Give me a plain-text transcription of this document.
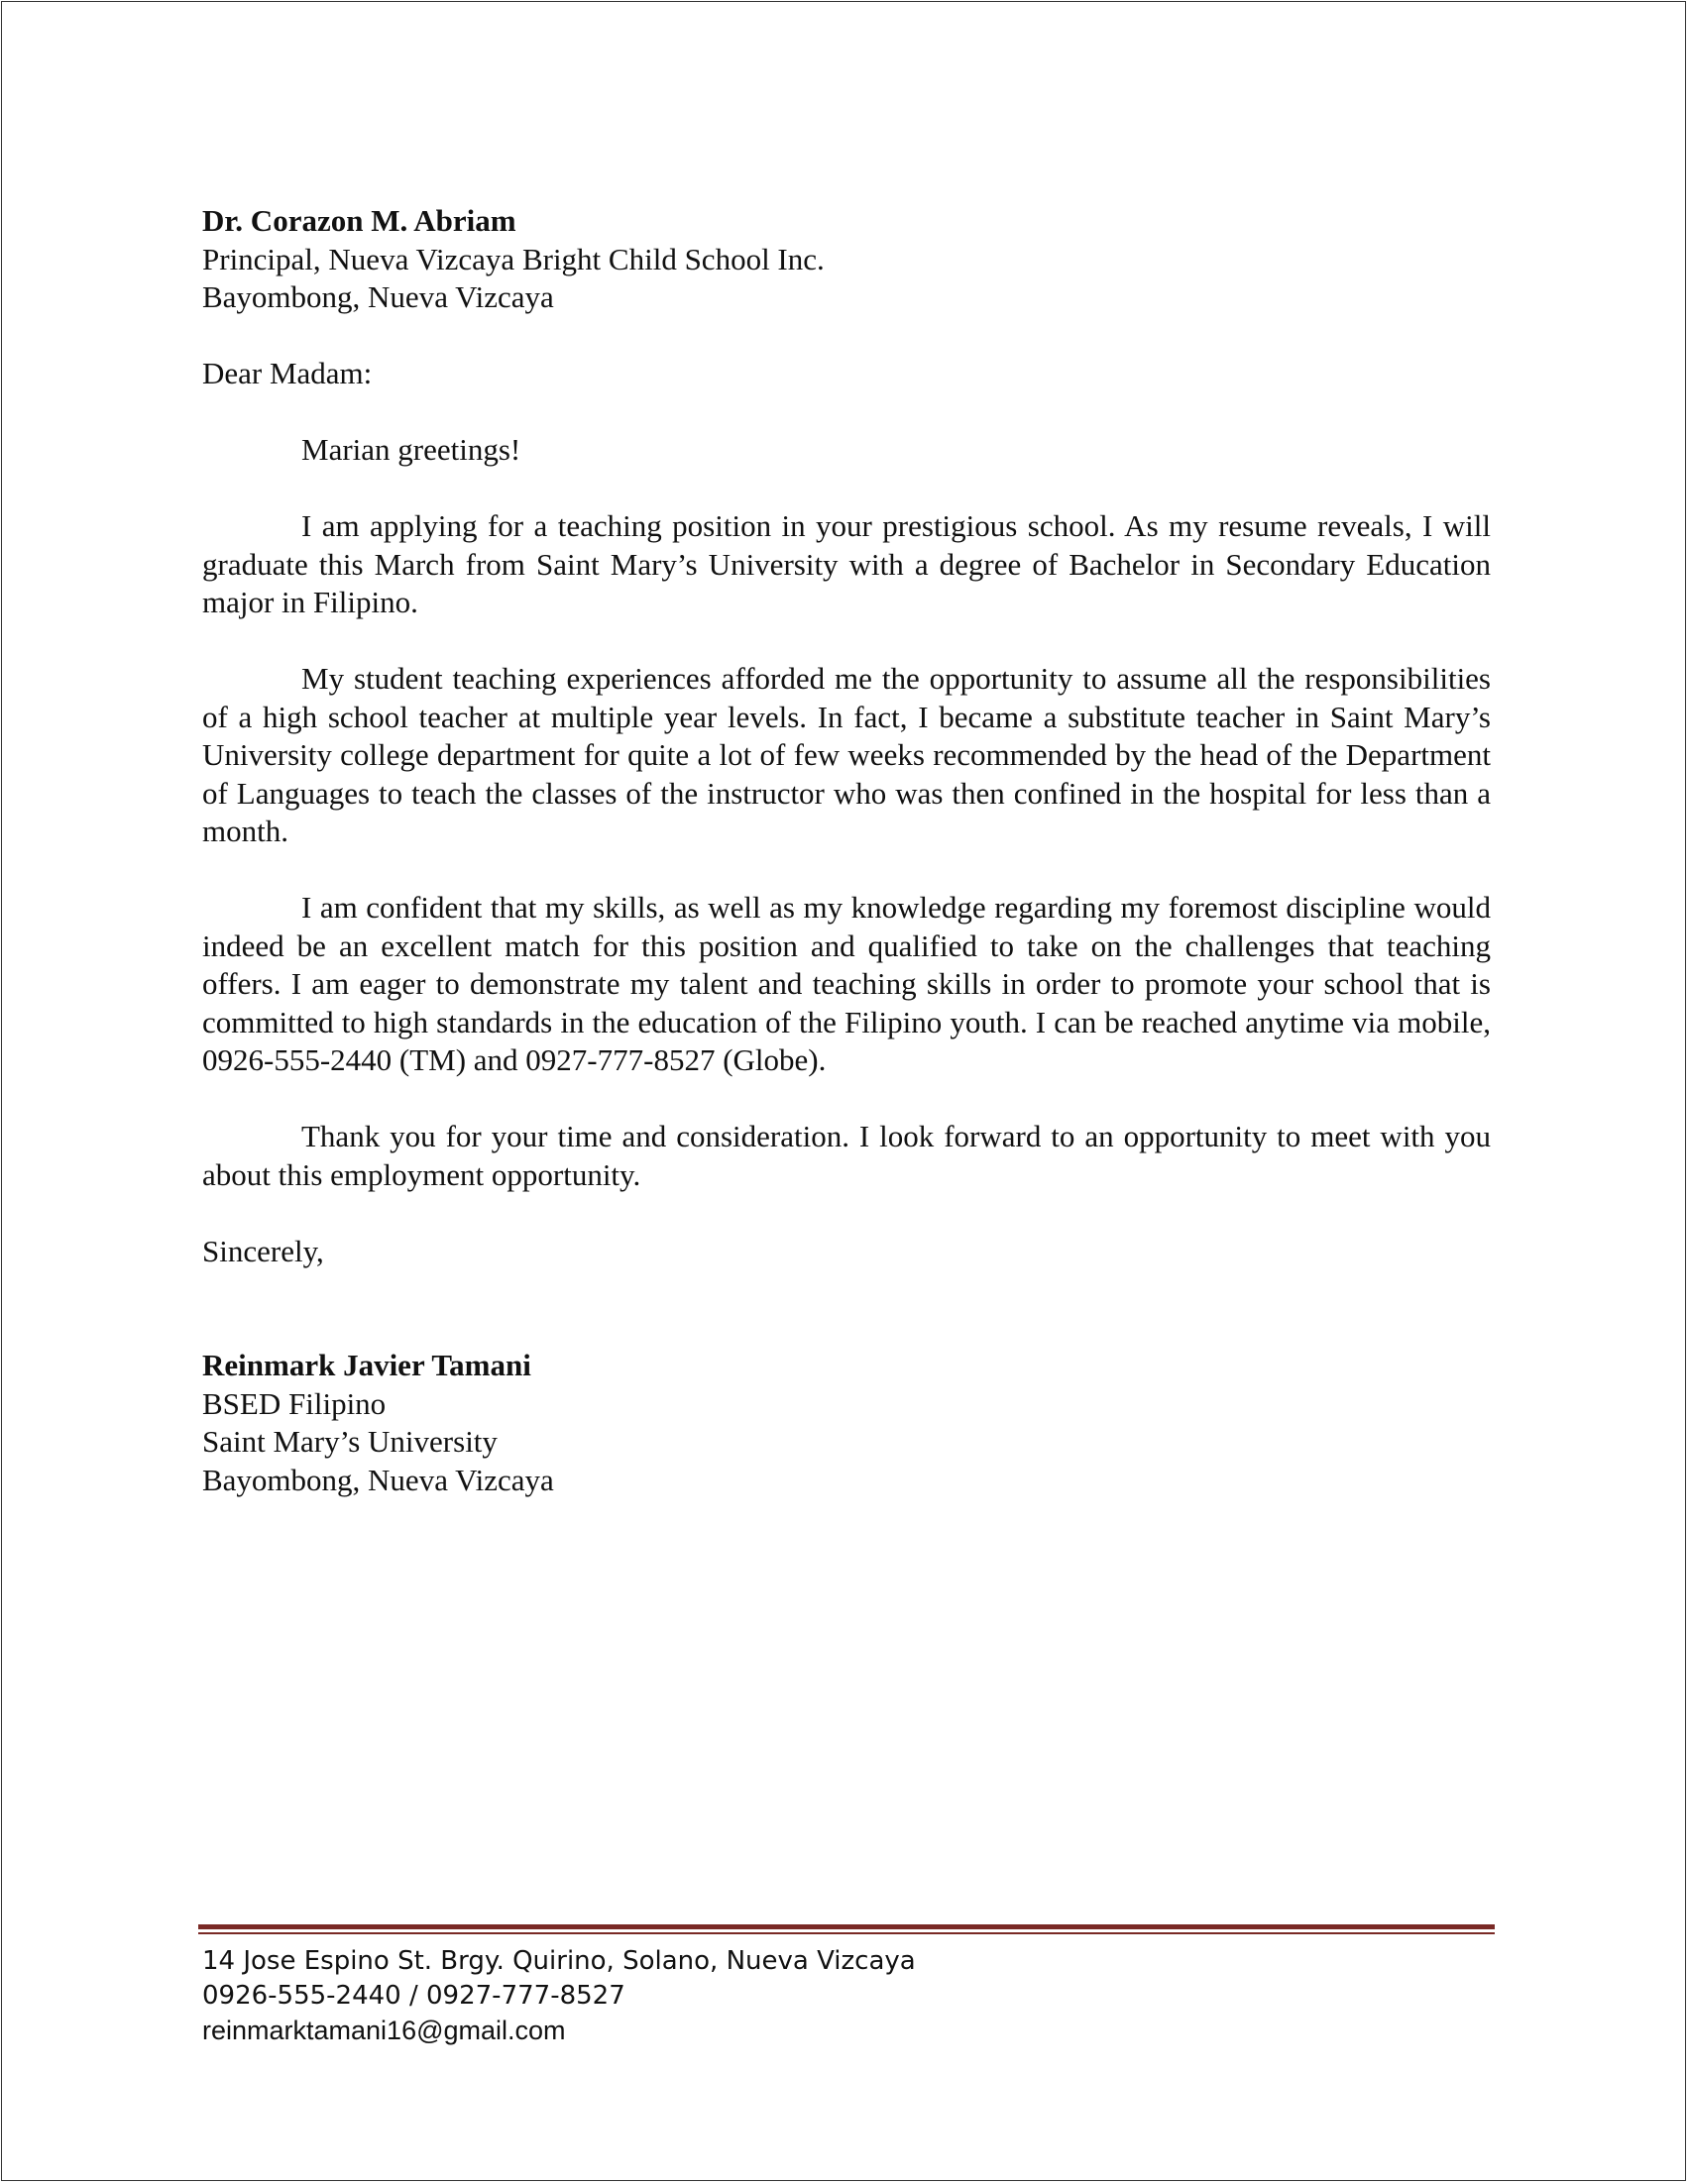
Dr. Corazon M. Abriam
Principal, Nueva Vizcaya Bright Child School Inc.
Bayombong, Nueva Vizcaya
Dear Madam:

Marian greetings!

I am applying for a teaching position in your prestigious school. As my resume reveals, I will graduate this March from Saint Mary’s University with a degree of Bachelor in Secondary Education major in Filipino.

My student teaching experiences afforded me the opportunity to assume all the responsibilities of a high school teacher at multiple year levels. In fact, I became a substitute teacher in Saint Mary’s University college department for quite a lot of few weeks recommended by the head of the Department of Languages to teach the classes of the instructor who was then confined in the hospital for less than a month.

I am confident that my skills, as well as my knowledge regarding my foremost discipline would indeed be an excellent match for this position and qualified to take on the challenges that teaching offers. I am eager to demonstrate my talent and teaching skills in order to promote your school that is committed to high standards in the education of the Filipino youth. I can be reached anytime via mobile, 0926-555-2440 (TM) and 0927-777-8527 (Globe).

Thank you for your time and consideration. I look forward to an opportunity to meet with you about this employment opportunity.

Sincerely,
Reinmark Javier Tamani
BSED Filipino
Saint Mary’s University
Bayombong, Nueva Vizcaya
14 Jose Espino St. Brgy. Quirino, Solano, Nueva Vizcaya
0926-555-2440 / 0927-777-8527
reinmarktamani16@gmail.com
